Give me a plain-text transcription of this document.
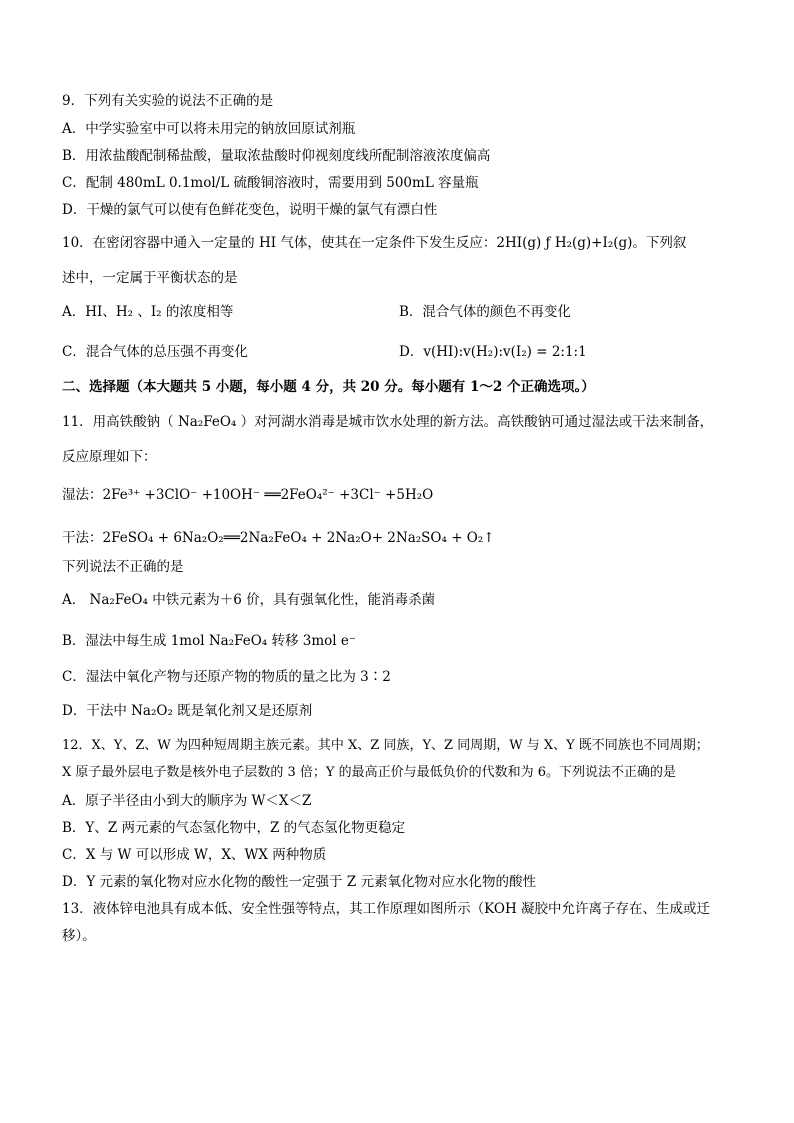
9．下列有关实验的说法不正确的是
A．中学实验室中可以将未用完的钠放回原试剂瓶
B．用浓盐酸配制稀盐酸，量取浓盐酸时仰视刻度线所配制溶液浓度偏高
C．配制 480mL 0.1mol/L 硫酸铜溶液时，需要用到 500mL 容量瓶
D．干燥的氯气可以使有色鲜花变色，说明干燥的氯气有漂白性
10．在密闭容器中通入一定量的 HI 气体，使其在一定条件下发生反应：2HI(g) ƒ H₂(g)+I₂(g)。下列叙
述中，一定属于平衡状态的是
A．HI、H₂ 、I₂ 的浓度相等	B．混合气体的颜色不再变化
C．混合气体的总压强不再变化	D．v(HI):v(H₂):v(I₂) = 2:1:1
二、选择题（本大题共 5 小题，每小题 4 分，共 20 分。每小题有 1～2 个正确选项。）
11．用高铁酸钠（ Na₂FeO₄ ）对河湖水消毒是城市饮水处理的新方法。高铁酸钠可通过湿法或干法来制备，
反应原理如下：
湿法：2Fe³⁺ +3ClO⁻ +10OH⁻ ══2FeO₄²⁻ +3Cl⁻ +5H₂O
干法：2FeSO₄ + 6Na₂O₂══2Na₂FeO₄ + 2Na₂O+ 2Na₂SO₄ + O₂↑
下列说法不正确的是
A． Na₂FeO₄ 中铁元素为＋6 价，具有强氧化性，能消毒杀菌
B．湿法中每生成 1mol Na₂FeO₄ 转移 3mol e⁻
C．湿法中氧化产物与还原产物的物质的量之比为 3∶2
D．干法中 Na₂O₂ 既是氧化剂又是还原剂
12．X、Y、Z、W 为四种短周期主族元素。其中 X、Z 同族，Y、Z 同周期，W 与 X、Y 既不同族也不同周期；
X 原子最外层电子数是核外电子层数的 3 倍；Y 的最高正价与最低负价的代数和为 6。下列说法不正确的是
A．原子半径由小到大的顺序为 W＜X＜Z
B．Y、Z 两元素的气态氢化物中，Z 的气态氢化物更稳定
C．X 与 W 可以形成 W，X、WX 两种物质
D．Y 元素的氧化物对应水化物的酸性一定强于 Z 元素氧化物对应水化物的酸性
13．液体锌电池具有成本低、安全性强等特点，其工作原理如图所示（KOH 凝胶中允许离子存在、生成或迁
移）。
